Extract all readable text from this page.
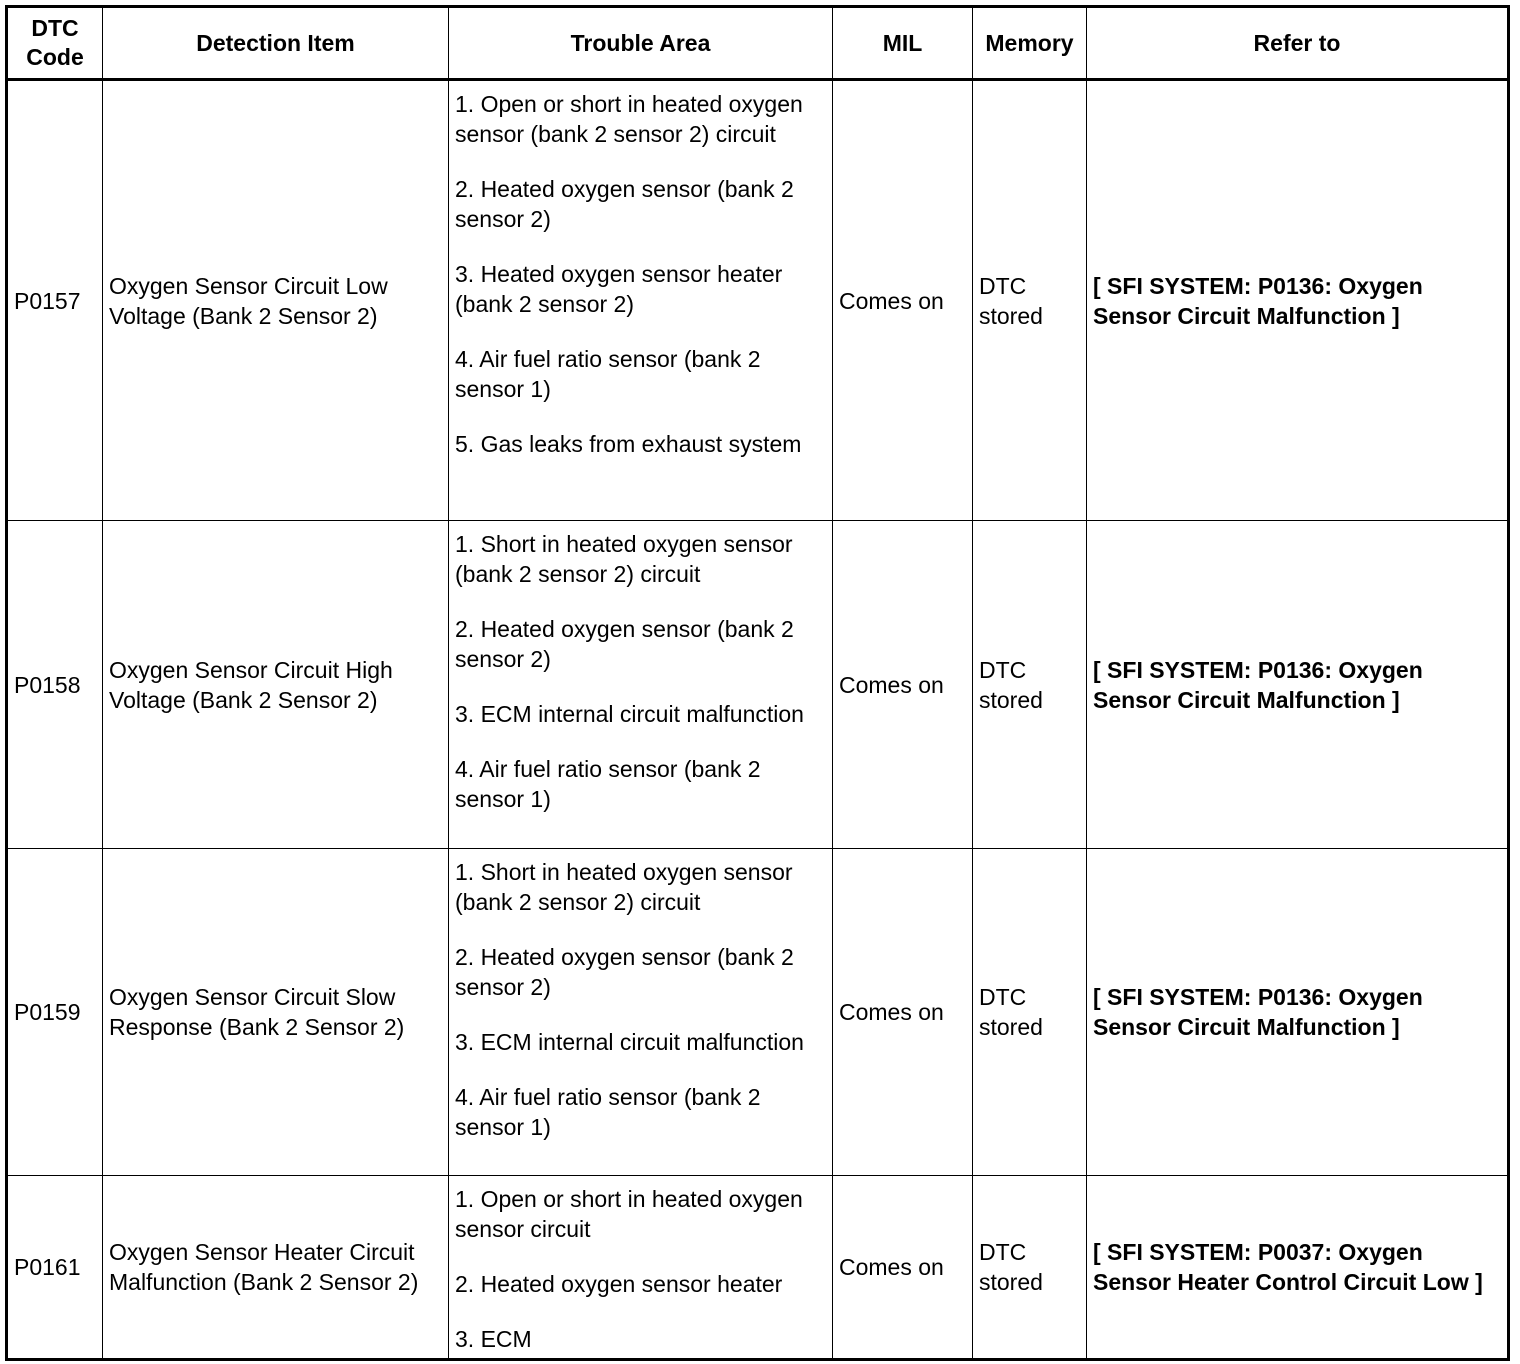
DTC Code	Detection Item	Trouble Area	MIL	Memory	Refer to
P0157	Oxygen Sensor Circuit Low Voltage (Bank 2 Sensor 2)	1. Open or short in heated oxygen sensor (bank 2 sensor 2) circuit
2. Heated oxygen sensor (bank 2 sensor 2)
3. Heated oxygen sensor heater (bank 2 sensor 2)
4. Air fuel ratio sensor (bank 2 sensor 1)
5. Gas leaks from exhaust system	Comes on	DTC stored	[ SFI SYSTEM: P0136: Oxygen Sensor Circuit Malfunction ]
P0158	Oxygen Sensor Circuit High Voltage (Bank 2 Sensor 2)	1. Short in heated oxygen sensor (bank 2 sensor 2) circuit
2. Heated oxygen sensor (bank 2 sensor 2)
3. ECM internal circuit malfunction
4. Air fuel ratio sensor (bank 2 sensor 1)	Comes on	DTC stored	[ SFI SYSTEM: P0136: Oxygen Sensor Circuit Malfunction ]
P0159	Oxygen Sensor Circuit Slow Response (Bank 2 Sensor 2)	1. Short in heated oxygen sensor (bank 2 sensor 2) circuit
2. Heated oxygen sensor (bank 2 sensor 2)
3. ECM internal circuit malfunction
4. Air fuel ratio sensor (bank 2 sensor 1)	Comes on	DTC stored	[ SFI SYSTEM: P0136: Oxygen Sensor Circuit Malfunction ]
P0161	Oxygen Sensor Heater Circuit Malfunction (Bank 2 Sensor 2)	1. Open or short in heated oxygen sensor circuit
2. Heated oxygen sensor heater
3. ECM	Comes on	DTC stored	[ SFI SYSTEM: P0037: Oxygen Sensor Heater Control Circuit Low ]
